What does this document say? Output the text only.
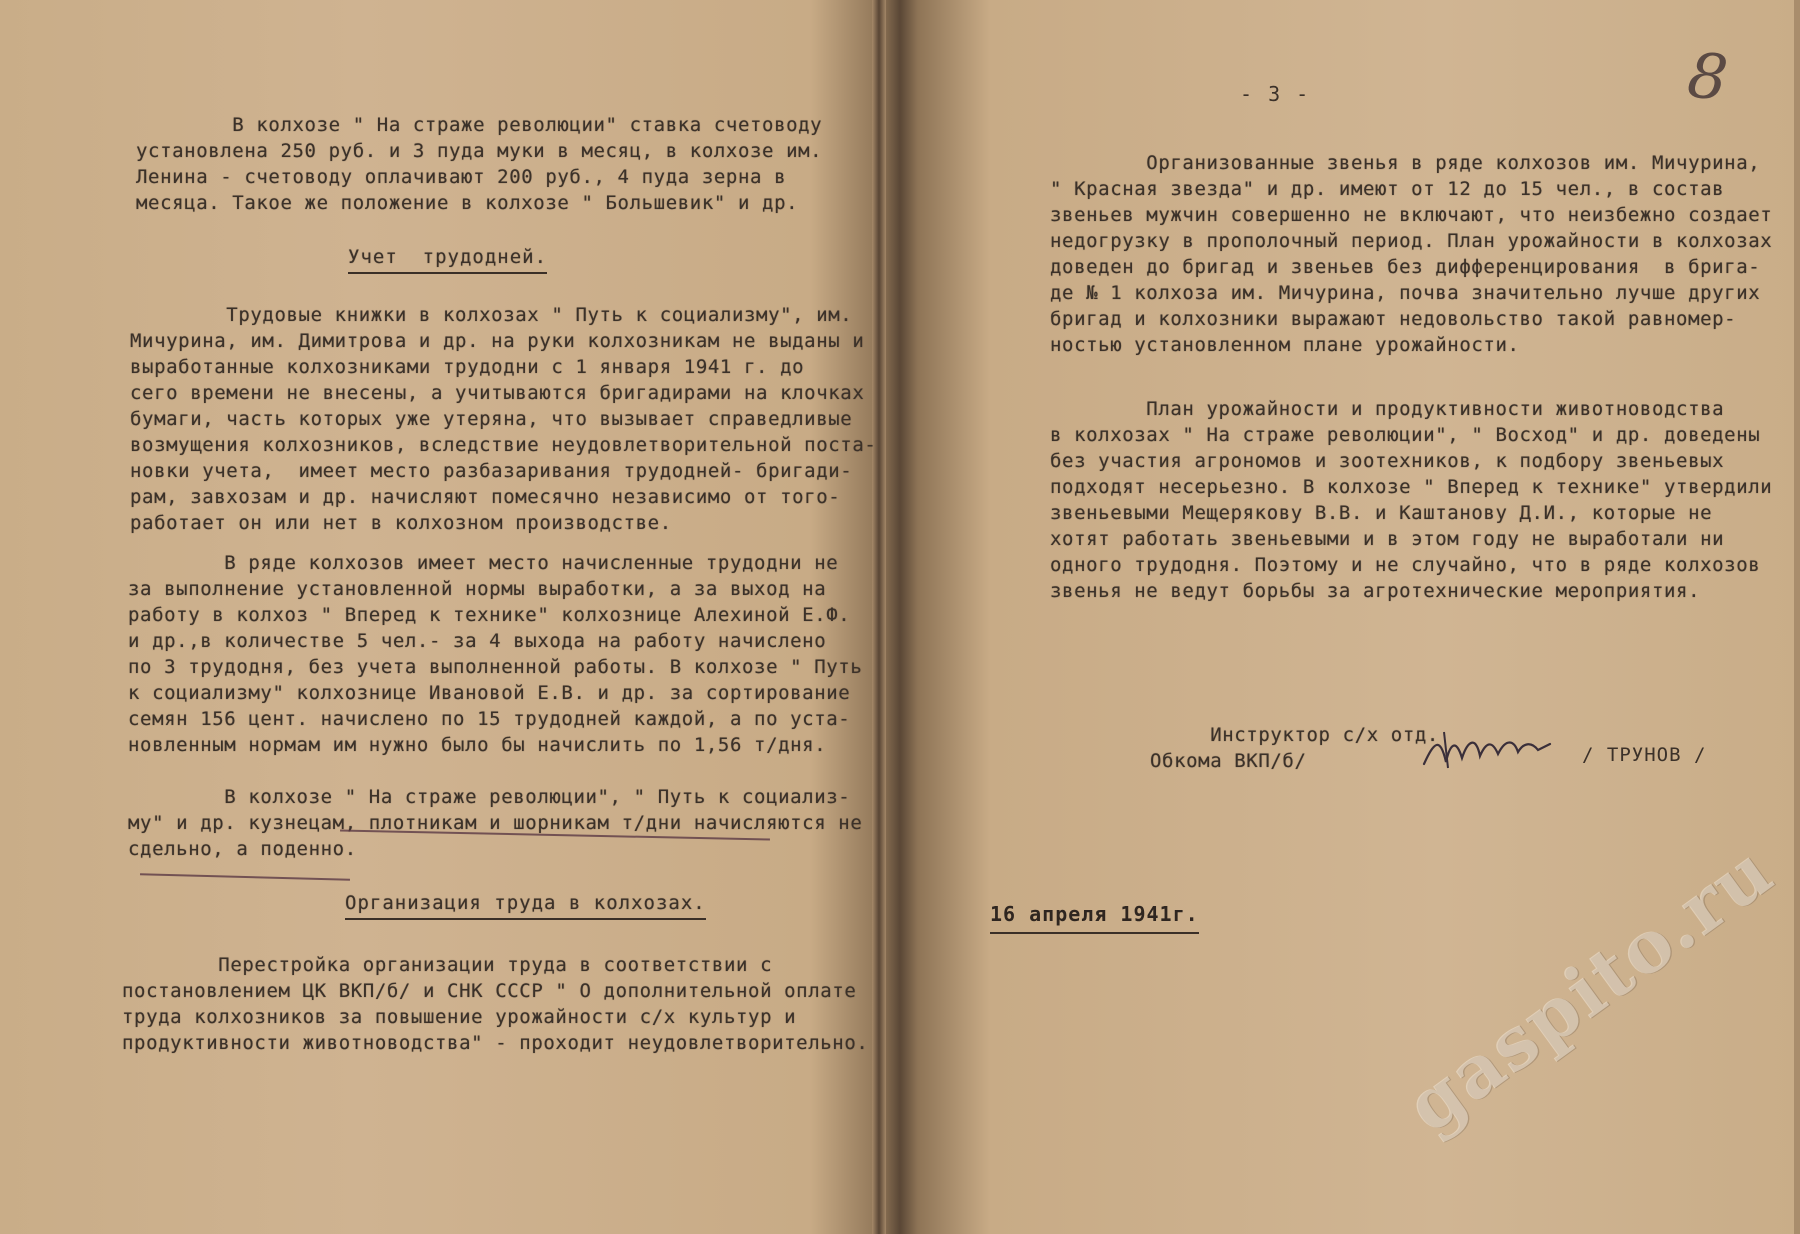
В колхозе " На страже революции" ставка счетоводу
установлена 250 руб. и 3 пуда муки в месяц, в колхозе им.
Ленина - счетоводу оплачивают 200 руб., 4 пуда зерна в
месяца. Такое же положение в колхозе " Большевик" и др.
Учет  трудодней.
Трудовые книжки в колхозах " Путь к социализму", им.
Мичурина, им. Димитрова и др. на руки колхозникам не выданы и
выработанные колхозниками трудодни с 1 января 1941 г. до
сего времени не внесены, а учитываются бригадирами на клочках
бумаги, часть которых уже утеряна, что вызывает справедливые
возмущения колхозников, вследствие неудовлетворительной поста-
новки учета,  имеет место разбазаривания трудодней- бригади-
рам, завхозам и др. начисляют помесячно независимо от того-
работает он или нет в колхозном производстве.
В ряде колхозов имеет место начисленные трудодни не
за выполнение установленной нормы выработки, а за выход на
работу в колхоз " Вперед к технике" колхознице Алехиной Е.Ф.
и др.,в количестве 5 чел.- за 4 выхода на работу начислено
по 3 трудодня, без учета выполненной работы. В колхозе " Путь
к социализму" колхознице Ивановой Е.В. и др. за сортирование
семян 156 цент. начислено по 15 трудодней каждой, а по уста-
новленным нормам им нужно было бы начислить по 1,56 т/дня.
В колхозе " На страже революции", " Путь к социализ-
му" и др. кузнецам, плотникам и шорникам т/дни начисляются не
сдельно, а поденно.
Организация труда в колхозах.
Перестройка организации труда в соответствии с
постановлением ЦК ВКП/б/ и СНК СССР " О дополнительной оплате
труда колхозников за повышение урожайности с/х культур и
продуктивности животноводства" - проходит неудовлетворительно.
- 3 -	8
Организованные звенья в ряде колхозов им. Мичурина,
" Красная звезда" и др. имеют от 12 до 15 чел., в состав
звеньев мужчин совершенно не включают, что неизбежно создает
недогрузку в прополочный период. План урожайности в колхозах
доведен до бригад и звеньев без дифференцирования  в брига-
де № 1 колхоза им. Мичурина, почва значительно лучше других
бригад и колхозники выражают недовольство такой равномер-
ностью установленном плане урожайности.
План урожайности и продуктивности животноводства
в колхозах " На страже революции", " Восход" и др. доведены
без участия агрономов и зоотехников, к подбору звеньевых
подходят несерьезно. В колхозе " Вперед к технике" утвердили
звеньевыми Мещерякову В.В. и Каштанову Д.И., которые не
хотят работать звеньевыми и в этом году не выработали ни
одного трудодня. Поэтому и не случайно, что в ряде колхозов
звенья не ведут борьбы за агротехнические мероприятия.
Инструктор с/х отд.
Обкома ВКП/б/	/ ТРУНОВ /
16 апреля 1941г.	gaspito.ru
